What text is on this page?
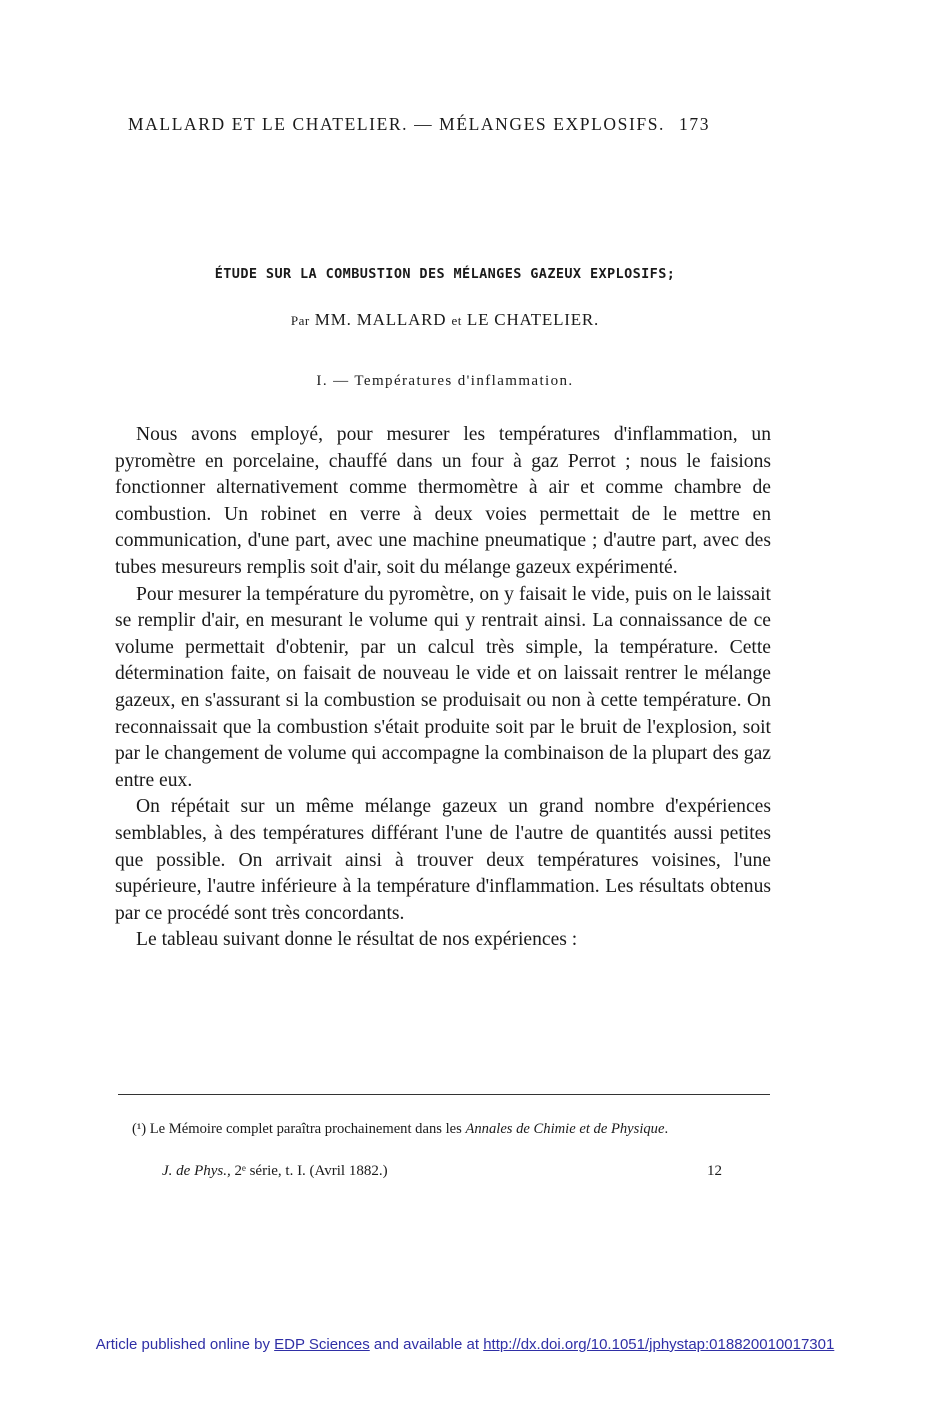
MALLARD ET LE CHATELIER. — MÉLANGES EXPLOSIFS. 173
ÉTUDE SUR LA COMBUSTION DES MÉLANGES GAZEUX EXPLOSIFS;
Par MM. MALLARD et LE CHATELIER.
I. — Températures d'inflammation.

Nous avons employé, pour mesurer les températures d'inflammation, un pyromètre en porcelaine, chauffé dans un four à gaz Perrot ; nous le faisions fonctionner alternativement comme thermomètre à air et comme chambre de combustion. Un robinet en verre à deux voies permettait de le mettre en communication, d'une part, avec une machine pneumatique ; d'autre part, avec des tubes mesureurs remplis soit d'air, soit du mélange gazeux expérimenté.

Pour mesurer la température du pyromètre, on y faisait le vide, puis on le laissait se remplir d'air, en mesurant le volume qui y rentrait ainsi. La connaissance de ce volume permettait d'obtenir, par un calcul très simple, la température. Cette détermination faite, on faisait de nouveau le vide et on laissait rentrer le mélange gazeux, en s'assurant si la combustion se produisait ou non à cette température. On reconnaissait que la combustion s'était produite soit par le bruit de l'explosion, soit par le changement de volume qui accompagne la combinaison de la plupart des gaz entre eux.

On répétait sur un même mélange gazeux un grand nombre d'expériences semblables, à des températures différant l'une de l'autre de quantités aussi petites que possible. On arrivait ainsi à trouver deux températures voisines, l'une supérieure, l'autre inférieure à la température d'inflammation. Les résultats obtenus par ce procédé sont très concordants.

Le tableau suivant donne le résultat de nos expériences :

(¹) Le Mémoire complet paraîtra prochainement dans les Annales de Chimie et de Physique.

J. de Phys., 2ᵉ série, t. I. (Avril 1882.)	12
Article published online by EDP Sciences and available at http://dx.doi.org/10.1051/jphystap:018820010017301
